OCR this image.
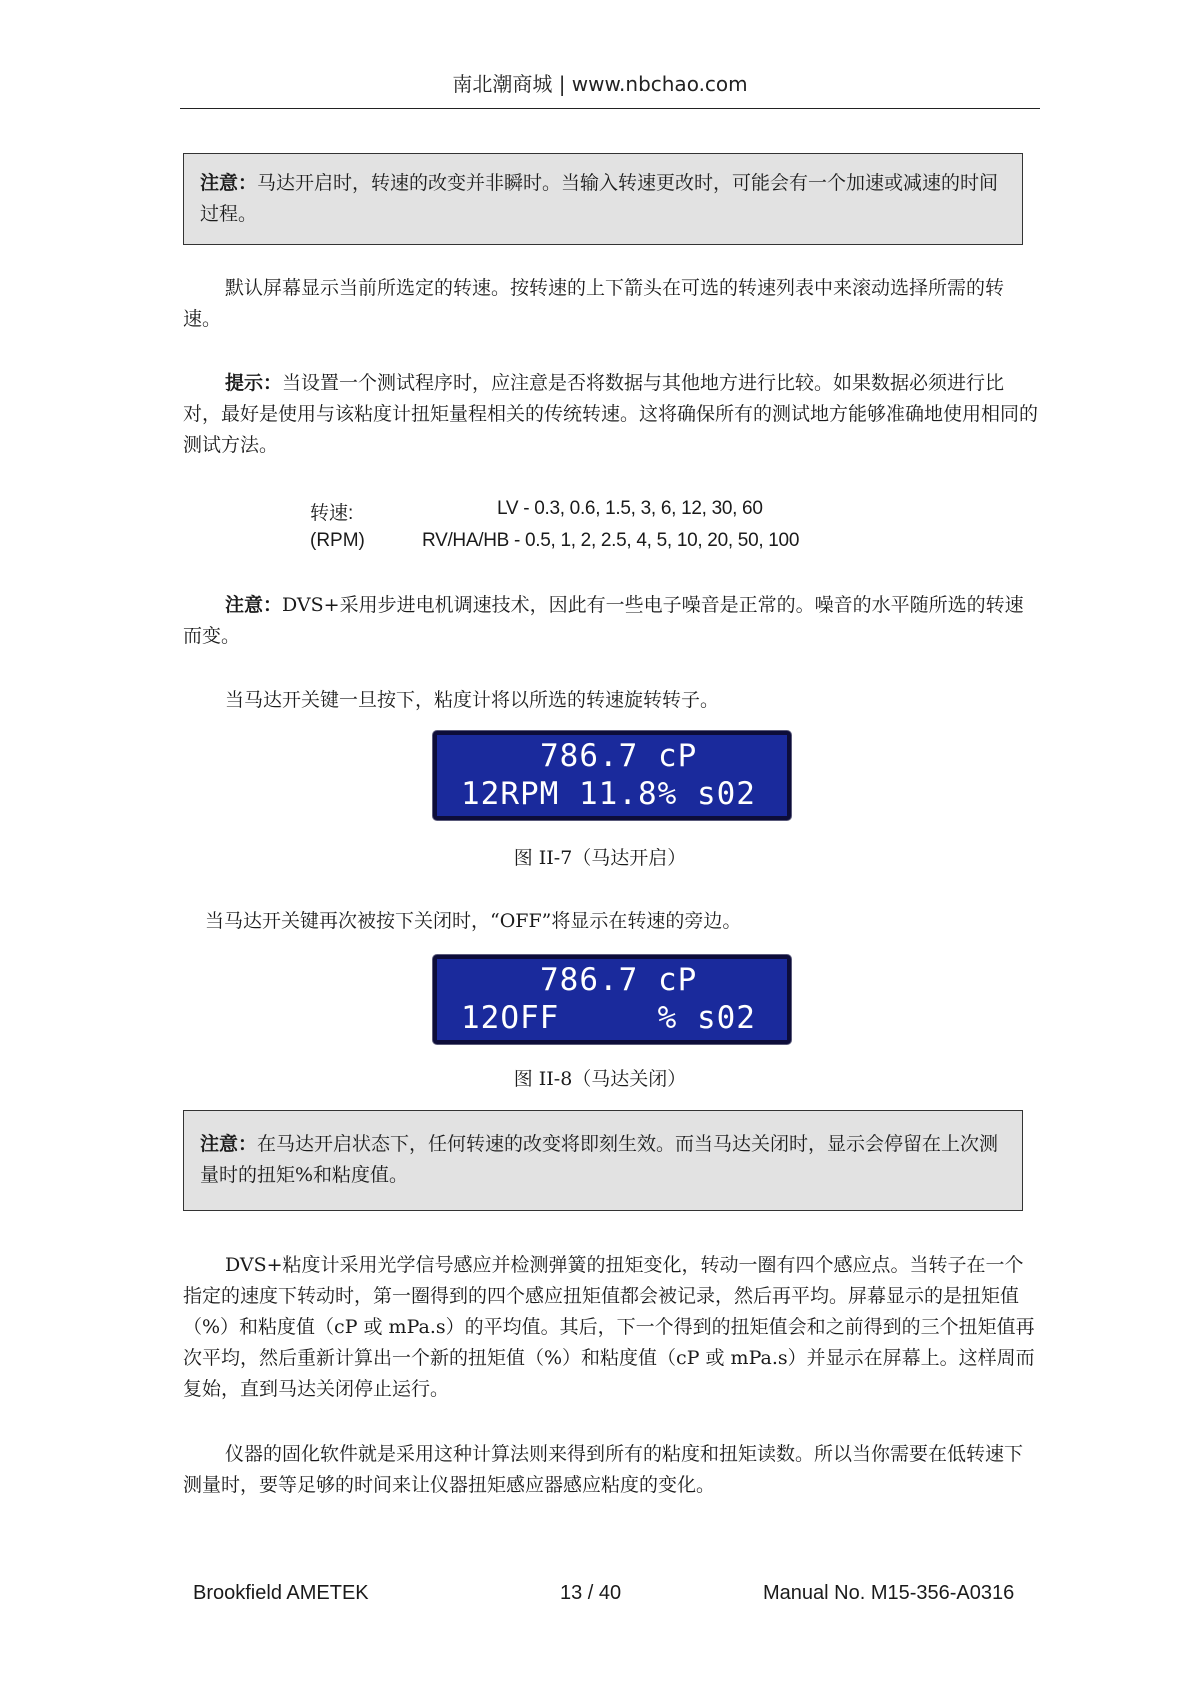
南北潮商城 | www.nbchao.com
注意：马达开启时，转速的改变并非瞬时。当输入转速更改时，可能会有一个加速或减速的时间过程。
默认屏幕显示当前所选定的转速。按转速的上下箭头在可选的转速列表中来滚动选择所需的转速。
提示：当设置一个测试程序时，应注意是否将数据与其他地方进行比较。如果数据必须进行比对，最好是使用与该粘度计扭矩量程相关的传统转速。这将确保所有的测试地方能够准确地使用相同的测试方法。
转速:	LV - 0.3, 0.6, 1.5, 3, 6, 12, 30, 60
(RPM)	RV/HA/HB - 0.5, 1, 2, 2.5, 4, 5, 10, 20, 50, 100
注意：DVS+采用步进电机调速技术，因此有一些电子噪音是正常的。噪音的水平随所选的转速而变。
当马达开关键一旦按下，粘度计将以所选的转速旋转转子。
786.7 cP
12RPM 11.8% s02
图 II-7（马达开启）
当马达开关键再次被按下关闭时，“OFF”将显示在转速的旁边。
786.7 cP
12OFF     % s02
图 II-8（马达关闭）
注意：在马达开启状态下，任何转速的改变将即刻生效。而当马达关闭时，显示会停留在上次测量时的扭矩%和粘度值。
DVS+粘度计采用光学信号感应并检测弹簧的扭矩变化，转动一圈有四个感应点。当转子在一个指定的速度下转动时，第一圈得到的四个感应扭矩值都会被记录，然后再平均。屏幕显示的是扭矩值（%）和粘度值（cP 或 mPa.s）的平均值。其后，下一个得到的扭矩值会和之前得到的三个扭矩值再次平均，然后重新计算出一个新的扭矩值（%）和粘度值（cP 或 mPa.s）并显示在屏幕上。这样周而复始，直到马达关闭停止运行。
仪器的固化软件就是采用这种计算法则来得到所有的粘度和扭矩读数。所以当你需要在低转速下测量时，要等足够的时间来让仪器扭矩感应器感应粘度的变化。
Brookfield AMETEK	13 / 40	Manual No. M15-356-A0316
